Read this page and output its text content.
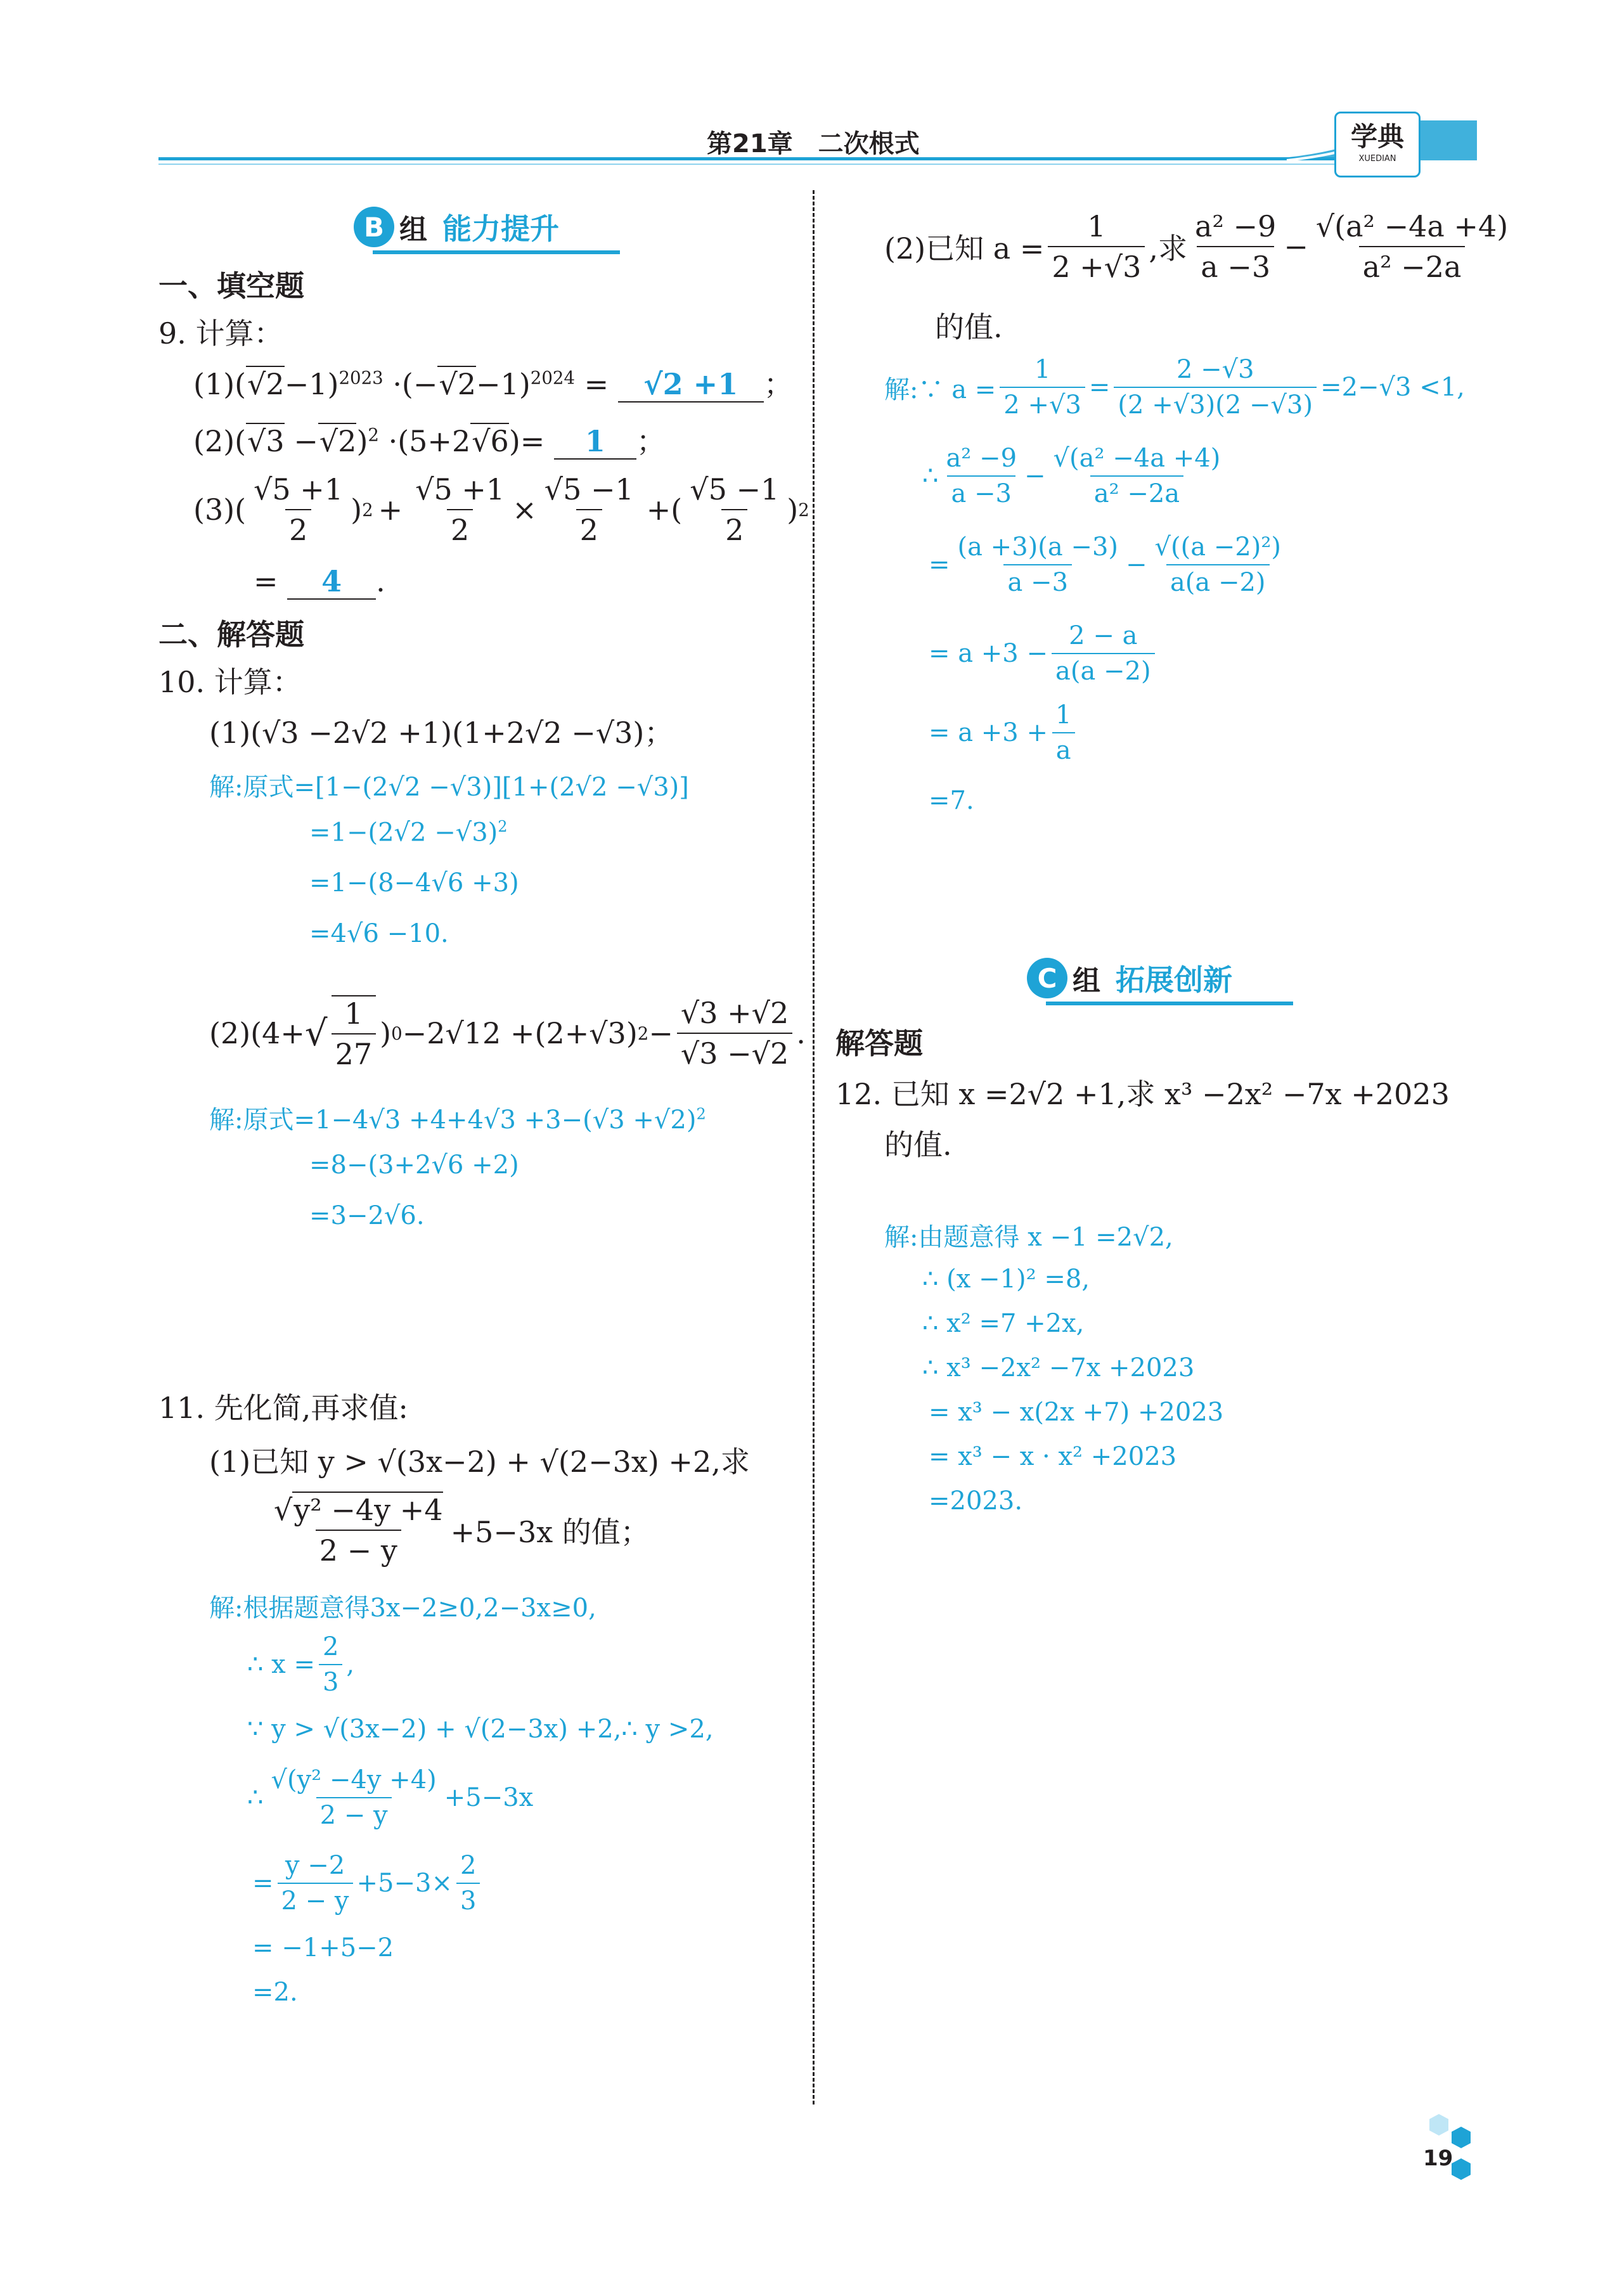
第21章　二次根式	学典
XUEDIAN
B 组 能力提升
一、填空题
9. 计算：
$(1)(√2-1)^{2023} \cdot(-√2-1)^{2024} = √2 +1$ ；
$(2)(√3 -√2)^2 \cdot(5+2√6)= 1$ ；
$(3)( \frac{√5 +1}{2}$ ) $2 + \frac{√5 +1}{2} \times \frac{√5 -1}{2}$ +( $\frac{√5 -1}{2}$ ) 2
= 4 .
二、解答题
10. 计算：
(1)(√3 −2√2 +1)(1+2√2 −√3)；
解:原式=[1−(2√2 −√3)][1+(2√2 −√3)]
$=1-(2√2 -√3)^2$
=1−(8−4√6 +3)
=4√6 −10.
(2)(4+ √ $\frac{1}{27}$ ) 0 −2√12 +(2+√3) $2 - \frac{√3 +√2}{√3 -√2}$ .
解:原式$=1-4√3 +4+4√3 +3-(√3 +√2)^2$
=8−(3+2√6 +2)
=3−2√6.
11. 先化简,再求值:
(1)已知 y > √(3x−2) + √(2−3x) +2,求
$\frac{\text{√y² −4y +4}}{2 - y} +5-3x$ 的值；
解:根据题意得3x−2≥0,2−3x≥0,
∴ $x = \frac{2}{3}$ ,
∵ y > √(3x−2) + √(2−3x) +2,∴ y >2,
∴ $\frac{\text{√(y² −4y +4)}}{2 - y} +5-3x$
= $\frac{y -2}{2 - y} +5-3\times \frac{2}{3}$
= −1+5−2
=2.
(2)已知 $a = \frac{1}{2 +√3}$ ,求 $\frac{\text{a² −9}}{a -3} - \frac{\text{√(a² −4a +4)}}{\text{a² −2a}}$
的值.
解:∵ $a = \frac{1}{2 +√3} = \frac{2 -√3}{(2 +√3)(2 -√3)} =2-√3 <1$,
∴ $\frac{\text{a² −9}}{a -3} - \frac{\text{√(a² −4a +4)}}{\text{a² −2a}}$
= $\frac{(a +3)(a -3)}{a -3} - \frac{\text{√((a −2)²)}}{a(a -2)}$
= $a +3 - \frac{2 - a}{a(a -2)}$
= $a +3 + \frac{1}{a}$
=7.
C 组 拓展创新
解答题
12. 已知 x =2√2 +1,求 x³ −2x² −7x +2023
的值.
解:由题意得 x −1 =2√2,
∴ (x −1)² =8,
∴ x² =7 +2x,
∴ x³ −2x² −7x +2023
= x³ − x(2x +7) +2023
= x³ − x · x² +2023
=2023.
19
